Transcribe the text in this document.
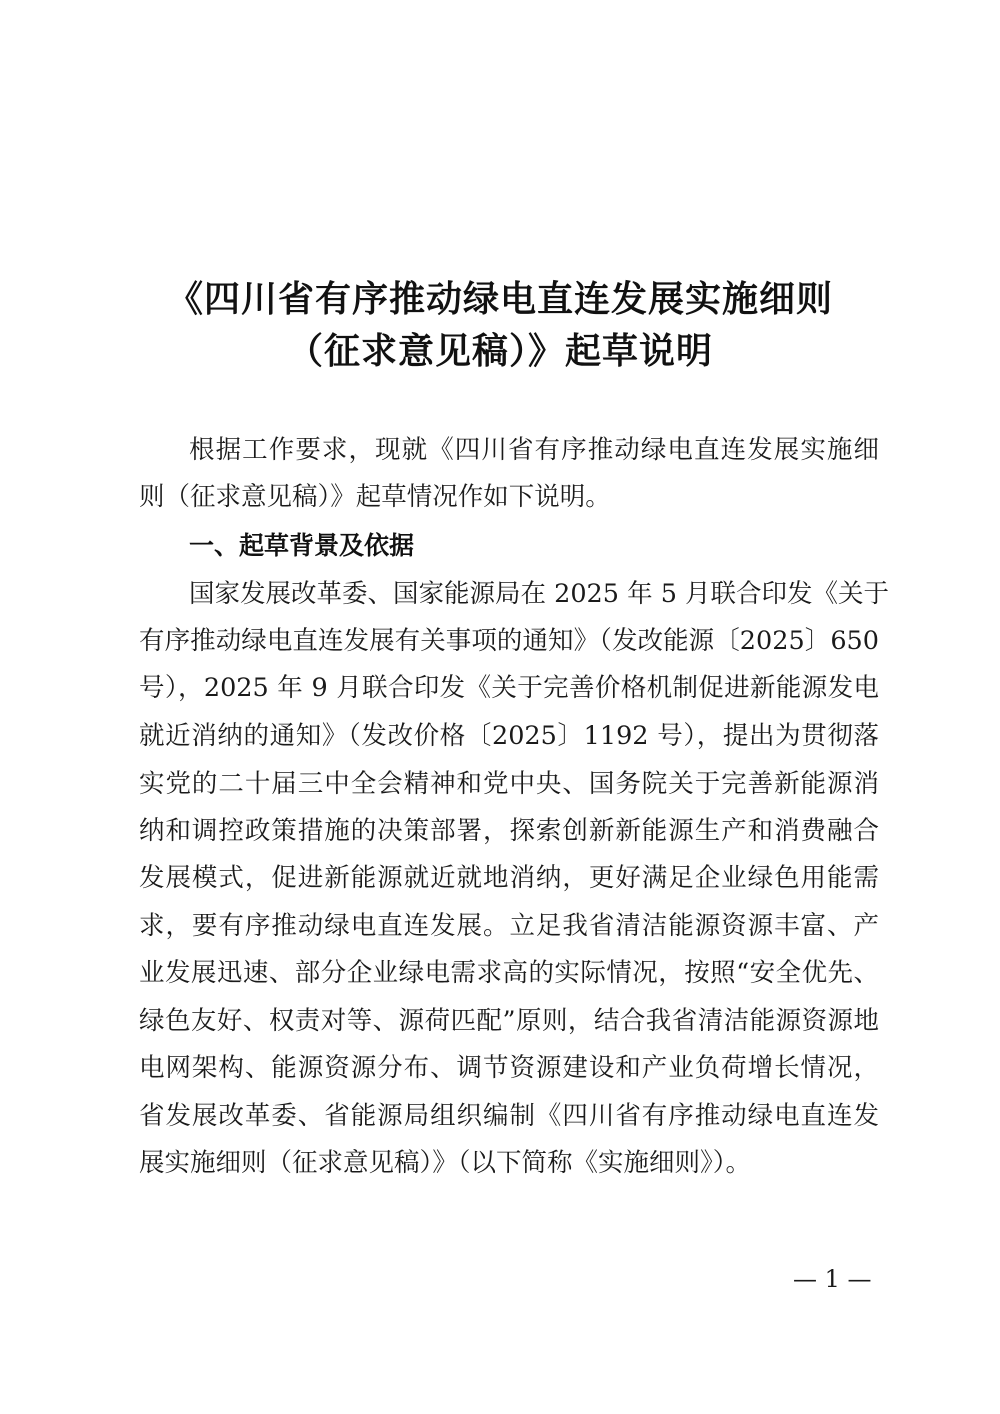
《四川省有序推动绿电直连发展实施细则
（征求意见稿）》起草说明
根据工作要求，现就《四川省有序推动绿电直连发展实施细
则（征求意见稿）》起草情况作如下说明。
一、起草背景及依据
国家发展改革委、国家能源局在 2025 年 5 月联合印发《关于
有序推动绿电直连发展有关事项的通知》（发改能源〔2025〕650
号），2025 年 9 月联合印发《关于完善价格机制促进新能源发电
就近消纳的通知》（发改价格〔2025〕1192 号），提出为贯彻落
实党的二十届三中全会精神和党中央、国务院关于完善新能源消
纳和调控政策措施的决策部署，探索创新新能源生产和消费融合
发展模式，促进新能源就近就地消纳，更好满足企业绿色用能需
求，要有序推动绿电直连发展。立足我省清洁能源资源丰富、产
业发展迅速、部分企业绿电需求高的实际情况，按照“安全优先、
绿色友好、权责对等、源荷匹配”原则，结合我省清洁能源资源地
电网架构、能源资源分布、调节资源建设和产业负荷增长情况，
省发展改革委、省能源局组织编制《四川省有序推动绿电直连发
展实施细则（征求意见稿）》（以下简称《实施细则》）。
— 1 —
